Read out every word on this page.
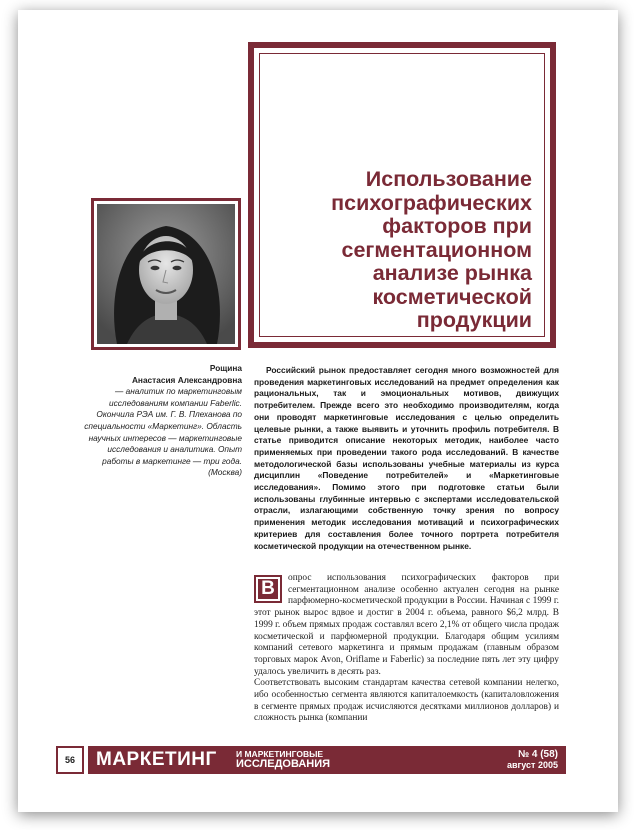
Использование психографических факторов при сегментационном анализе рынка косметической продукции
Рощина
Анастасия Александровна
— аналитик по маркетинговым исследованиям компании Faberlic. Окончила РЭА им. Г. В. Плеханова по специальности «Маркетинг». Область научных интересов — маркетинговые исследования и аналитика. Опыт работы в маркетинге — три года. (Москва)

Российский рынок предоставляет сегодня много возможностей для проведения маркетинговых исследований на предмет определения как рациональных, так и эмоциональных мотивов, движущих потребителем. Прежде всего это необходимо производителям, когда они проводят маркетинговые исследования с целью определить целевые рынки, а также выявить и уточнить профиль потребителя. В статье приводится описание некоторых методик, наиболее часто применяемых при проведении такого рода исследований. В качестве методологической базы использованы учебные материалы из курса дисциплин «Поведение потребителей» и «Маркетинговые исследования». Помимо этого при подготовке статьи были использованы глубинные интервью с экспертами исследовательской отрасли, излагающими собственную точку зрения по вопросу применения методик исследования мотиваций и психографических критериев для составления более точного портрета потребителя косметической продукции на отечественном рынке.

В	опрос использования психографических факторов при сегментационном анализе особенно актуален сегодня на рынке парфюмерно-косметической продукции в России. Начиная с 1999 г. этот рынок вырос вдвое и достиг в 2004 г. объема, равного $6,2 млрд. В 1999 г. объем прямых продаж составлял всего 2,1% от общего числа продаж косметической и парфюмерной продукции. Благодаря общим усилиям компаний сетевого маркетинга и прямым продажам (главным образом торговых марок Avon, Oriflame и Faberlic) за последние пять лет эту цифру удалось увеличить в десять раз.
Соответствовать высоким стандартам качества сетевой компании нелегко, ибо особенностью сегмента являются капиталоемкость (капиталовложения в сегменте прямых продаж исчисляются десятками миллионов долларов) и сложность рынка (компании
56	МАРКЕТИНГ И МАРКЕТИНГОВЫЕ
ИССЛЕДОВАНИЯ
№ 4 (58)
август 2005
